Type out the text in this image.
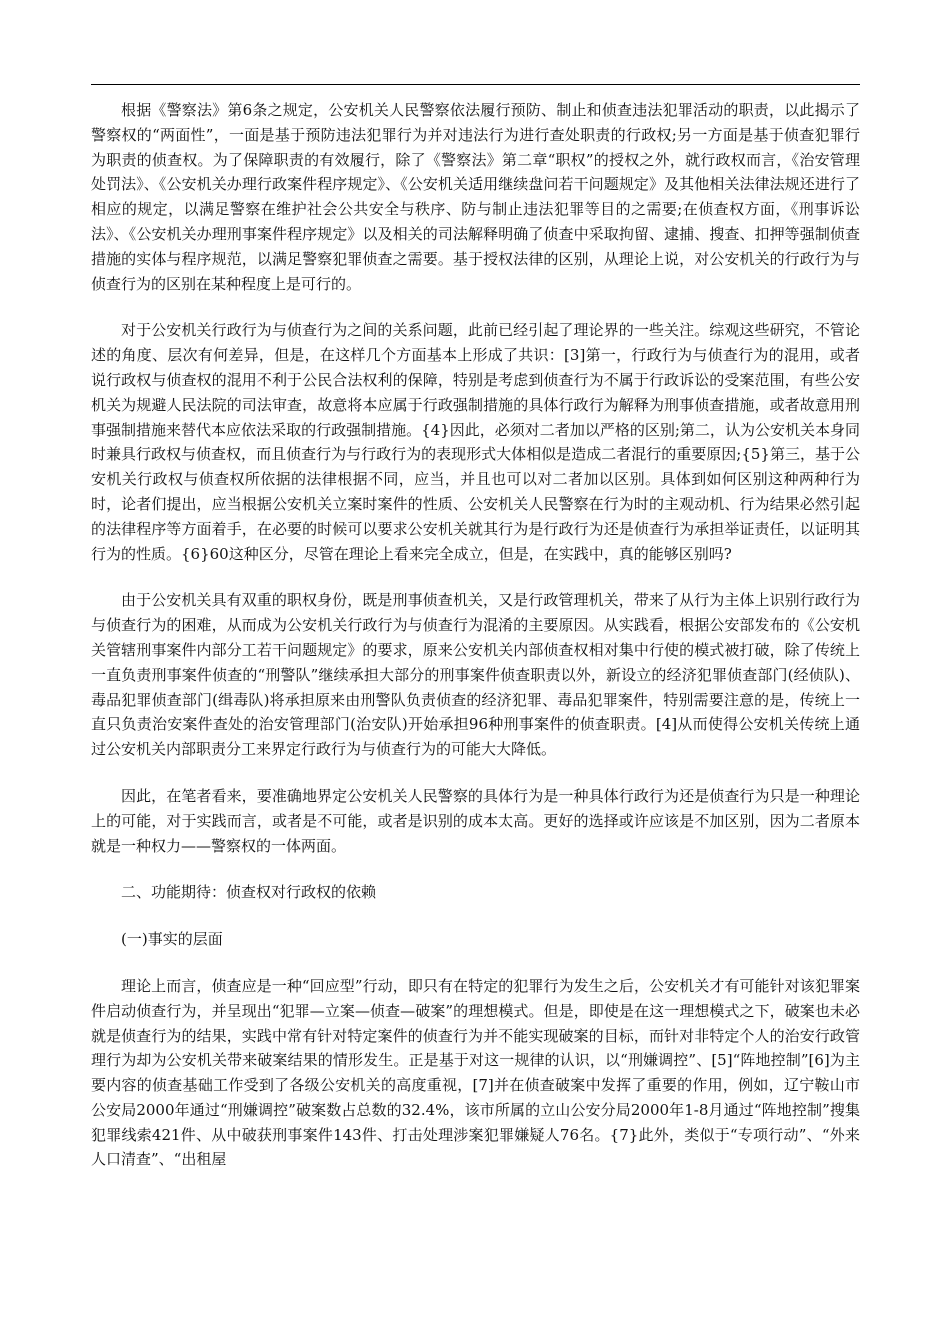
根据《警察法》第6条之规定，公安机关人民警察依法履行预防、制止和侦查违法犯罪活动的职责，以此揭示了警察权的“两面性”，一面是基于预防违法犯罪行为并对违法行为进行查处职责的行政权;另一方面是基于侦查犯罪行为职责的侦查权。为了保障职责的有效履行，除了《警察法》第二章“职权”的授权之外，就行政权而言，《治安管理处罚法》、《公安机关办理行政案件程序规定》、《公安机关适用继续盘问若干问题规定》及其他相关法律法规还进行了相应的规定，以满足警察在维护社会公共安全与秩序、防与制止违法犯罪等目的之需要;在侦查权方面，《刑事诉讼法》、《公安机关办理刑事案件程序规定》以及相关的司法解释明确了侦查中采取拘留、逮捕、搜查、扣押等强制侦查措施的实体与程序规范，以满足警察犯罪侦查之需要。基于授权法律的区别，从理论上说，对公安机关的行政行为与侦查行为的区别在某种程度上是可行的。

对于公安机关行政行为与侦查行为之间的关系问题，此前已经引起了理论界的一些关注。综观这些研究，不管论述的角度、层次有何差异，但是，在这样几个方面基本上形成了共识：[3]第一，行政行为与侦查行为的混用，或者说行政权与侦查权的混用不利于公民合法权利的保障，特别是考虑到侦查行为不属于行政诉讼的受案范围，有些公安机关为规避人民法院的司法审查，故意将本应属于行政强制措施的具体行政行为解释为刑事侦查措施，或者故意用刑事强制措施来替代本应依法采取的行政强制措施。{4}因此，必须对二者加以严格的区别;第二，认为公安机关本身同时兼具行政权与侦查权，而且侦查行为与行政行为的表现形式大体相似是造成二者混行的重要原因;{5}第三，基于公安机关行政权与侦查权所依据的法律根据不同，应当，并且也可以对二者加以区别。具体到如何区别这种两种行为时，论者们提出，应当根据公安机关立案时案件的性质、公安机关人民警察在行为时的主观动机、行为结果必然引起的法律程序等方面着手，在必要的时候可以要求公安机关就其行为是行政行为还是侦查行为承担举证责任，以证明其行为的性质。{6}60这种区分，尽管在理论上看来完全成立，但是，在实践中，真的能够区别吗?

由于公安机关具有双重的职权身份，既是刑事侦查机关，又是行政管理机关，带来了从行为主体上识别行政行为与侦查行为的困难，从而成为公安机关行政行为与侦查行为混淆的主要原因。从实践看，根据公安部发布的《公安机关管辖刑事案件内部分工若干问题规定》的要求，原来公安机关内部侦查权相对集中行使的模式被打破，除了传统上一直负责刑事案件侦查的“刑警队”继续承担大部分的刑事案件侦查职责以外，新设立的经济犯罪侦查部门(经侦队)、毒品犯罪侦查部门(缉毒队)将承担原来由刑警队负责侦查的经济犯罪、毒品犯罪案件，特别需要注意的是，传统上一直只负责治安案件查处的治安管理部门(治安队)开始承担96种刑事案件的侦查职责。[4]从而使得公安机关传统上通过公安机关内部职责分工来界定行政行为与侦查行为的可能大大降低。

因此，在笔者看来，要准确地界定公安机关人民警察的具体行为是一种具体行政行为还是侦查行为只是一种理论上的可能，对于实践而言，或者是不可能，或者是识别的成本太高。更好的选择或许应该是不加区别，因为二者原本就是一种权力——警察权的一体两面。

二、功能期待：侦查权对行政权的依赖

(一)事实的层面

理论上而言，侦查应是一种“回应型”行动，即只有在特定的犯罪行为发生之后，公安机关才有可能针对该犯罪案件启动侦查行为，并呈现出“犯罪—立案—侦查—破案”的理想模式。但是，即使是在这一理想模式之下，破案也未必就是侦查行为的结果，实践中常有针对特定案件的侦查行为并不能实现破案的目标，而针对非特定个人的治安行政管理行为却为公安机关带来破案结果的情形发生。正是基于对这一规律的认识，以“刑嫌调控”、[5]“阵地控制”[6]为主要内容的侦查基础工作受到了各级公安机关的高度重视，[7]并在侦查破案中发挥了重要的作用，例如，辽宁鞍山市公安局2000年通过“刑嫌调控”破案数占总数的32.4%，该市所属的立山公安分局2000年1-8月通过“阵地控制”搜集犯罪线索421件、从中破获刑事案件143件、打击处理涉案犯罪嫌疑人76名。{7}此外，类似于“专项行动”、“外来人口清查”、“出租屋
